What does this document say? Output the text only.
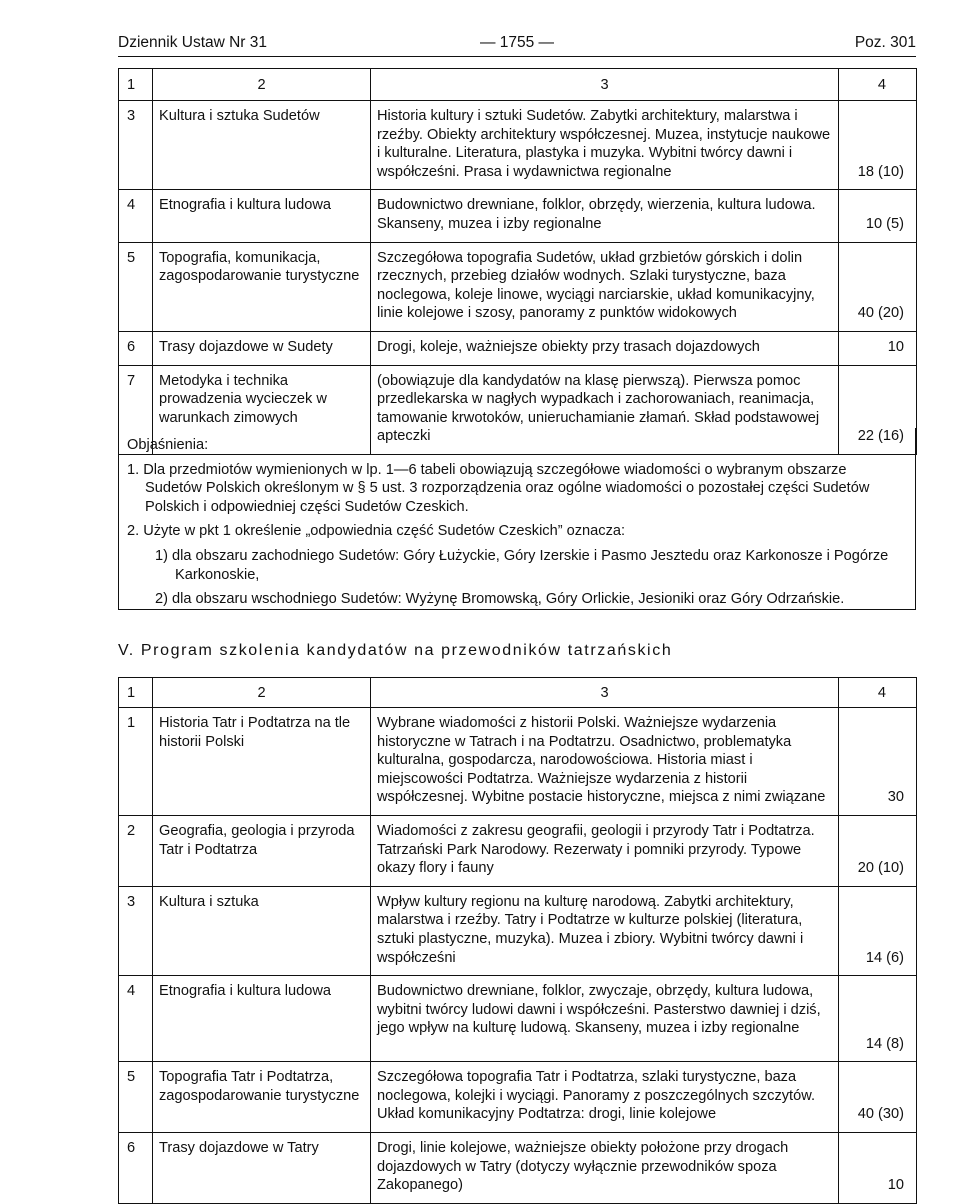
Dziennik Ustaw Nr 31	— 1755 —	Poz. 301
1	2	3	4
3	Kultura i sztuka Sudetów	Historia kultury i sztuki Sudetów. Zabytki architektury, malarstwa i rzeźby. Obiekty architektury współczesnej. Muzea, instytucje naukowe i kulturalne. Literatura, plastyka i muzyka. Wybitni twórcy dawni i współcześni. Prasa i wydawnictwa regionalne	18 (10)
4	Etnografia i kultura ludowa	Budownictwo drewniane, folklor, obrzędy, wierzenia, kultura ludowa. Skanseny, muzea i izby regionalne	10 (5)
5	Topografia, komunikacja, zagospodarowanie turystyczne	Szczegółowa topografia Sudetów, układ grzbietów górskich i dolin rzecznych, przebieg działów wodnych. Szlaki turystyczne, baza noclegowa, koleje linowe, wyciągi narciarskie, układ komunikacyjny, linie kolejowe i szosy, panoramy z punktów widokowych	40 (20)
6	Trasy dojazdowe w Sudety	Drogi, koleje, ważniejsze obiekty przy trasach dojazdowych	10
7	Metodyka i technika prowadzenia wycieczek w warunkach zimowych	(obowiązuje dla kandydatów na klasę pierwszą). Pierwsza pomoc przedlekarska w nagłych wypadkach i zachorowaniach, reanimacja, tamowanie krwotoków, unieruchamianie złamań. Skład podstawowej apteczki	22 (16)

Objaśnienia:

1. Dla przedmiotów wymienionych w lp. 1—6 tabeli obowiązują szczegółowe wiadomości o wybranym obszarze Sudetów Polskich określonym w § 5 ust. 3 rozporządzenia oraz ogólne wiadomości o pozostałej części Sudetów Polskich i odpowiedniej części Sudetów Czeskich.

2. Użyte w pkt 1 określenie „odpowiednia część Sudetów Czeskich” oznacza:

1) dla obszaru zachodniego Sudetów: Góry Łużyckie, Góry Izerskie i Pasmo Jesztedu oraz Karkonosze i Pogórze Karkonoskie,

2) dla obszaru wschodniego Sudetów: Wyżynę Bromowską, Góry Orlickie, Jesioniki oraz Góry Odrzańskie.

V. Program szkolenia kandydatów na przewodników tatrzańskich
1	2	3	4
1	Historia Tatr i Podtatrza na tle historii Polski	Wybrane wiadomości z historii Polski. Ważniejsze wydarzenia historyczne w Tatrach i na Podtatrzu. Osadnictwo, problematyka kulturalna, gospodarcza, narodowościowa. Historia miast i miejscowości Podtatrza. Ważniejsze wydarzenia z historii współczesnej. Wybitne postacie historyczne, miejsca z nimi związane	30
2	Geografia, geologia i przyroda Tatr i Podtatrza	Wiadomości z zakresu geografii, geologii i przyrody Tatr i Podtatrza. Tatrzański Park Narodowy. Rezerwaty i pomniki przyrody. Typowe okazy flory i fauny	20 (10)
3	Kultura i sztuka	Wpływ kultury regionu na kulturę narodową. Zabytki architektury, malarstwa i rzeźby. Tatry i Podtatrze w kulturze polskiej (literatura, sztuki plastyczne, muzyka). Muzea i zbiory. Wybitni twórcy dawni i współcześni	14 (6)
4	Etnografia i kultura ludowa	Budownictwo drewniane, folklor, zwyczaje, obrzędy, kultura ludowa, wybitni twórcy ludowi dawni i współcześni. Pasterstwo dawniej i dziś, jego wpływ na kulturę ludową. Skanseny, muzea i izby regionalne	14 (8)
5	Topografia Tatr i Podtatrza, zagospodarowanie turystyczne	Szczegółowa topografia Tatr i Podtatrza, szlaki turystyczne, baza noclegowa, kolejki i wyciągi. Panoramy z poszczególnych szczytów. Układ komunikacyjny Podtatrza: drogi, linie kolejowe	40 (30)
6	Trasy dojazdowe w Tatry	Drogi, linie kolejowe, ważniejsze obiekty położone przy drogach dojazdowych w Tatry (dotyczy wyłącznie przewodników spoza Zakopanego)	10
